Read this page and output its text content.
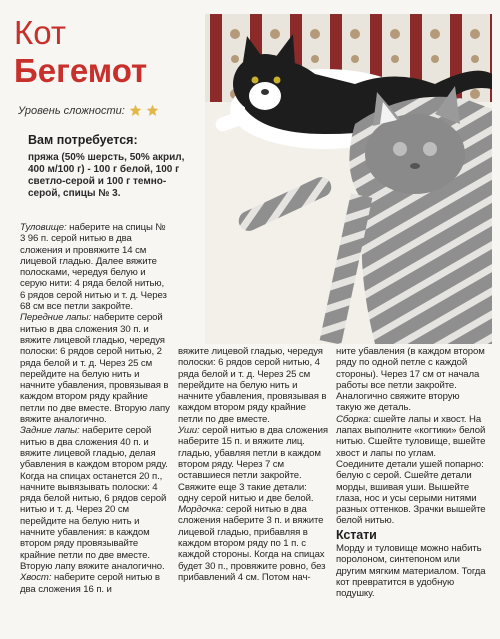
Кот
Бегемот
Уровень сложности:
Вам потребуется:
пряжа (50% шерсть, 50% акрил, 400 м/100 г) - 100 г белой, 100 г светло-серой и 100 г темно-серой, спицы № 3.

Туловище: наберите на спицы № 3 96 п. серой нитью в два сложения и провяжите 14 см лицевой гладью. Далее вяжите полосками, чередуя белую и серую нити: 4 ряда белой нитью, 6 рядов серой нитью и т. д. Через 68 см все петли закройте.

Передние лапы: наберите серой нитью в два сложения 30 п. и вяжите лицевой гладью, чередуя полоски: 6 рядов серой нитью, 2 ряда белой и т. д. Через 25 см перейдите на белую нить и начните убавления, провязывая в каждом втором ряду крайние петли по две вместе. Вторую лапу вяжите аналогично.

Задние лапы: наберите серой нитью в два сложения 40 п. и вяжите лицевой гладью, делая убавления в каждом втором ряду. Когда на спицах останется 20 п., начните вывязывать полоски: 4 ряда белой нитью, 6 рядов серой нитью и т. д. Через 20 см перейдите на белую нить и начните убавления: в каждом втором ряду провязывайте крайние петли по две вместе. Вторую лапу вяжите аналогично.

Хвост: наберите серой нитью в два сложения 16 п. и

вяжите лицевой гладью, чередуя полоски: 6 рядов серой нитью, 4 ряда белой и т. д. Через 25 см перейдите на белую нить и начните убавления, провязывая в каждом втором ряду крайние петли по две вместе.

Уши: серой нитью в два сложения наберите 15 п. и вяжите лиц. гладью, убавляя петли в каждом втором ряду. Через 7 см оставшиеся петли закройте. Свяжите еще 3 такие детали: одну серой нитью и две белой.

Мордочка: серой нитью в два сложения наберите 3 п. и вяжите лицевой гладью, прибавляя в каждом втором ряду по 1 п. с каждой стороны. Когда на спицах будет 30 п., провяжите ровно, без прибавлений 4 см. Потом нач-

ните убавления (в каждом втором ряду по одной петле с каждой стороны). Через 17 см от начала работы все петли закройте. Аналогично свяжите вторую такую же деталь.

Сборка: сшейте лапы и хвост. На лапах выполните «когтики» белой нитью. Сшейте туловище, вшейте хвост и лапы по углам. Соедините детали ушей попарно: белую с серой. Сшейте детали морды, вшивая уши. Вышейте глаза, нос и усы серыми нитями разных оттенков. Зрачки вышейте белой нитью.

Кстати

Морду и туловище можно набить поролоном, синтепоном или другим мягким материалом. Тогда кот превратится в удобную подушку.
